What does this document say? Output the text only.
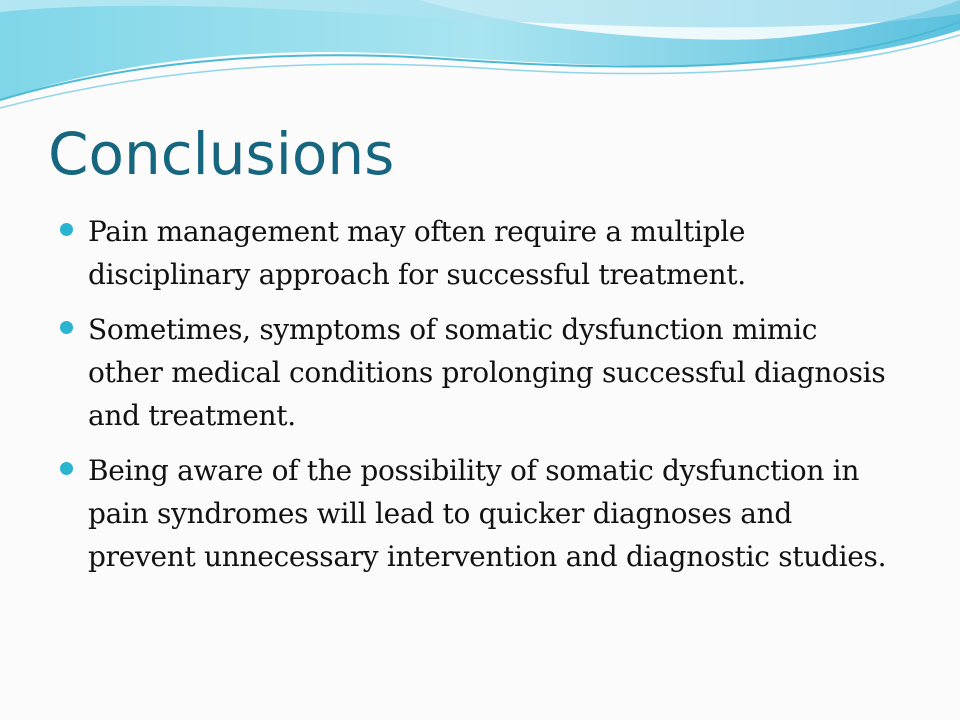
Conclusions
Pain management may often require a multiple disciplinary approach for successful treatment.
Sometimes, symptoms of somatic dysfunction mimic other medical conditions prolonging successful diagnosis and treatment.
Being aware of the possibility of somatic dysfunction in pain syndromes will lead to quicker diagnoses and prevent unnecessary intervention and diagnostic studies.
